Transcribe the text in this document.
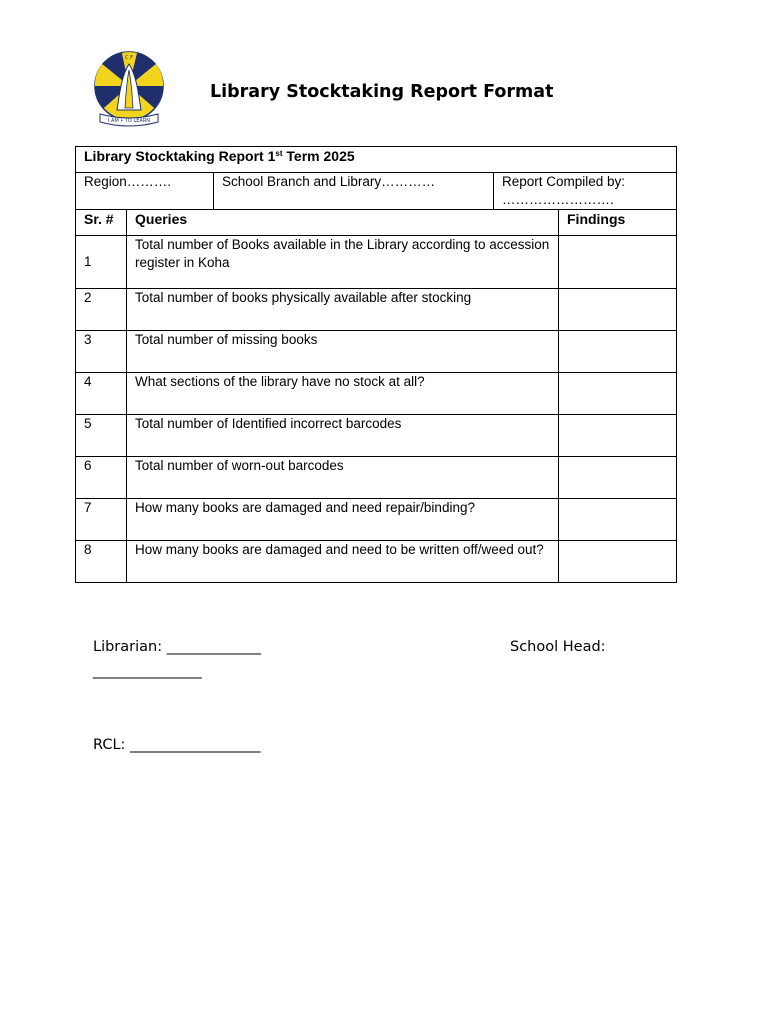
I AM • TO LEARN
C F
Library Stocktaking Report Format
Library Stocktaking Report 1st Term 2025				
Region……….		School Branch and Library…………	Report Compiled by:
…………………….	
Sr. #	Queries			Findings
1	Total number of Books available in the Library according to accession register in Koha			
2	Total number of books physically available after stocking			
3	Total number of missing books			
4	What sections of the library have no stock at all?			
5	Total number of Identified incorrect barcodes			
6	Total number of worn-out barcodes			
7	How many books are damaged and need repair/binding?			
8	How many books are damaged and need to be written off/weed out?			
Librarian: _____________	School Head:
_______________
RCL: __________________
